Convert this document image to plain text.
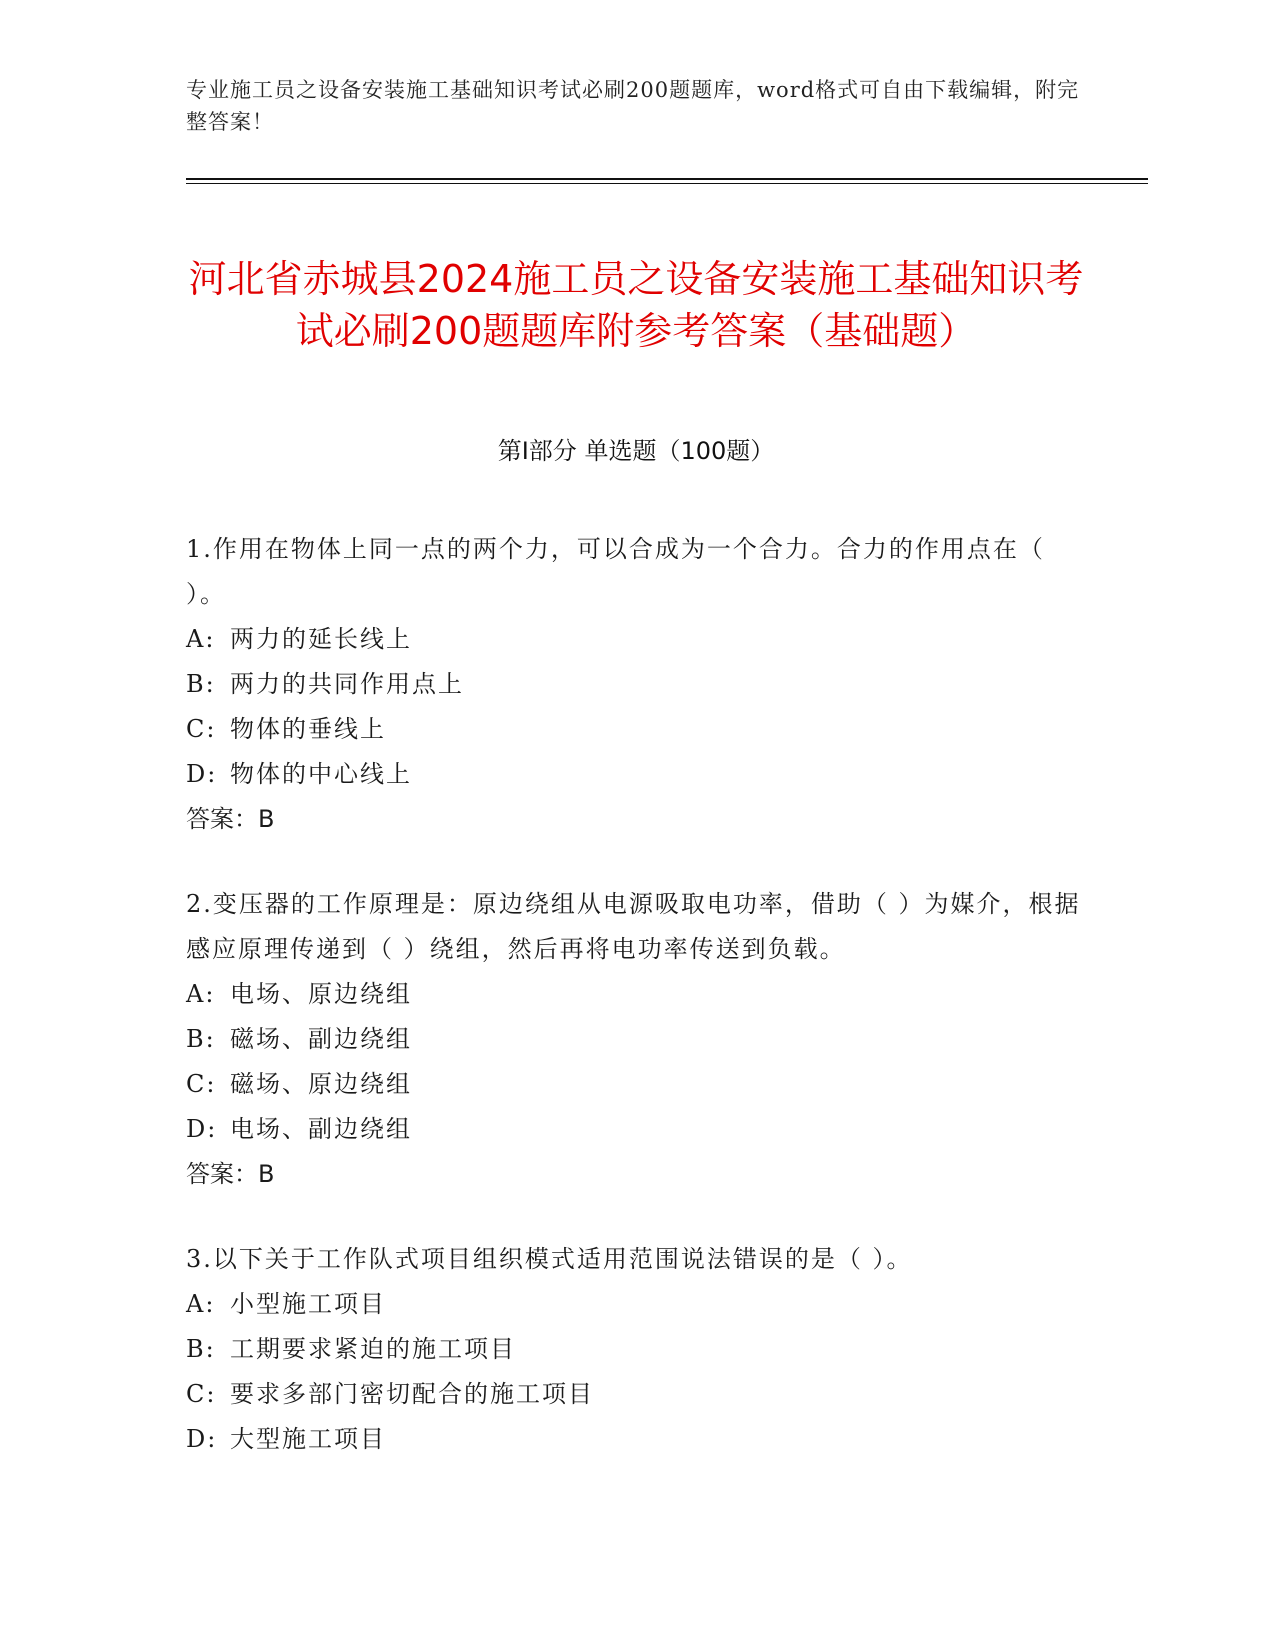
专业施工员之设备安装施工基础知识考试必刷200题题库，word格式可自由下载编辑，附完整答案！
河北省赤城县2024施工员之设备安装施工基础知识考试必刷200题题库附参考答案（基础题）
第Ⅰ部分 单选题（100题）

1.作用在物体上同一点的两个力，可以合成为一个合力。合力的作用点在（ ）。

A: 两力的延长线上

B: 两力的共同作用点上

C: 物体的垂线上

D: 物体的中心线上

答案：B

2.变压器的工作原理是：原边绕组从电源吸取电功率，借助（ ）为媒介，根据感应原理传递到（ ）绕组，然后再将电功率传送到负载。

A: 电场、原边绕组

B: 磁场、副边绕组

C: 磁场、原边绕组

D: 电场、副边绕组

答案：B

3.以下关于工作队式项目组织模式适用范围说法错误的是（ ）。

A: 小型施工项目

B: 工期要求紧迫的施工项目

C: 要求多部门密切配合的施工项目

D: 大型施工项目
